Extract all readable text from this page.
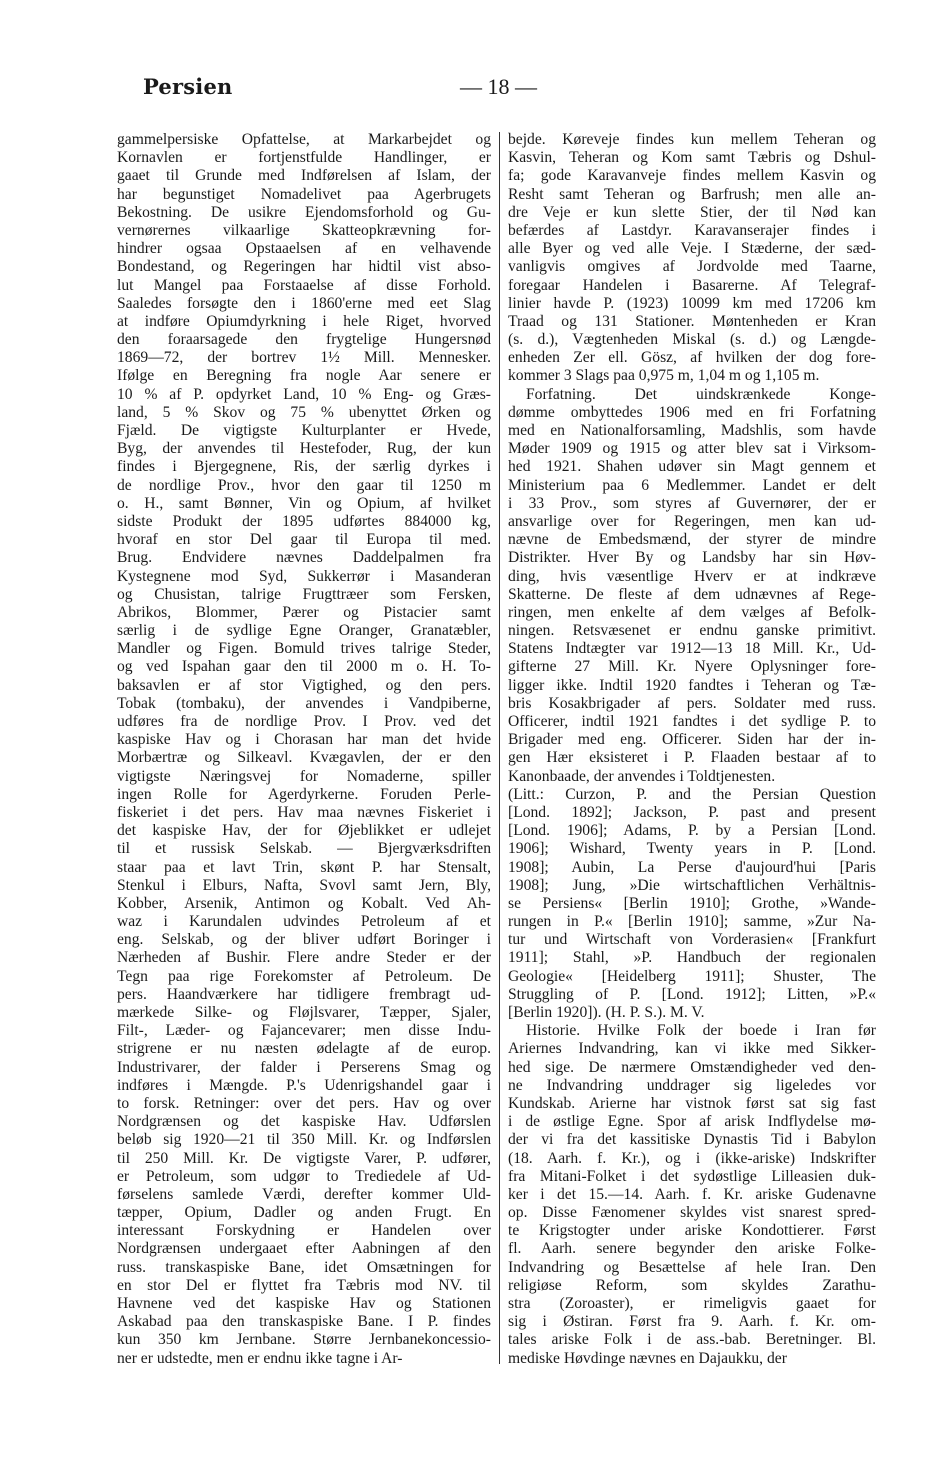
Persien	— 18 —
gammelpersiske Opfattelse, at Markarbejdet og
Kornavlen er fortjenstfulde Handlinger, er
gaaet til Grunde med Indførelsen af Islam, der
har begunstiget Nomadelivet paa Agerbrugets
Bekostning. De usikre Ejendomsforhold og Gu-
vernørernes vilkaarlige Skatteopkrævning for-
hindrer ogsaa Opstaaelsen af en velhavende
Bondestand, og Regeringen har hidtil vist abso-
lut Mangel paa Forstaaelse af disse Forhold.
Saaledes forsøgte den i 1860'erne med eet Slag
at indføre Opiumdyrkning i hele Riget, hvorved
den foraarsagede den frygtelige Hungersnød
1869—72, der bortrev 1½ Mill. Mennesker.
Ifølge en Beregning fra nogle Aar senere er
10 % af P. opdyrket Land, 10 % Eng- og Græs-
land, 5 % Skov og 75 % ubenyttet Ørken og
Fjæld. De vigtigste Kulturplanter er Hvede,
Byg, der anvendes til Hestefoder, Rug, der kun
findes i Bjergegnene, Ris, der særlig dyrkes i
de nordlige Prov., hvor den gaar til 1250 m
o. H., samt Bønner, Vin og Opium, af hvilket
sidste Produkt der 1895 udførtes 884000 kg,
hvoraf en stor Del gaar til Europa til med.
Brug. Endvidere nævnes Daddelpalmen fra
Kystegnene mod Syd, Sukkerrør i Masanderan
og Chusistan, talrige Frugttræer som Fersken,
Abrikos, Blommer, Pærer og Pistacier samt
særlig i de sydlige Egne Oranger, Granatæbler,
Mandler og Figen. Bomuld trives talrige Steder,
og ved Ispahan gaar den til 2000 m o. H. To-
baksavlen er af stor Vigtighed, og den pers.
Tobak (tombaku), der anvendes i Vandpiberne,
udføres fra de nordlige Prov. I Prov. ved det
kaspiske Hav og i Chorasan har man det hvide
Morbærtræ og Silkeavl. Kvægavlen, der er den
vigtigste Næringsvej for Nomaderne, spiller
ingen Rolle for Agerdyrkerne. Foruden Perle-
fiskeriet i det pers. Hav maa nævnes Fiskeriet i
det kaspiske Hav, der for Øjeblikket er udlejet
til et russisk Selskab. — Bjergværksdriften
staar paa et lavt Trin, skønt P. har Stensalt,
Stenkul i Elburs, Nafta, Svovl samt Jern, Bly,
Kobber, Arsenik, Antimon og Kobalt. Ved Ah-
waz i Karundalen udvindes Petroleum af et
eng. Selskab, og der bliver udført Boringer i
Nærheden af Bushir. Flere andre Steder er der
Tegn paa rige Forekomster af Petroleum. De
pers. Haandværkere har tidligere frembragt ud-
mærkede Silke- og Fløjlsvarer, Tæpper, Sjaler,
Filt-, Læder- og Fajancevarer; men disse Indu-
strigrene er nu næsten ødelagte af de europ.
Industrivarer, der falder i Perserens Smag og
indføres i Mængde. P.'s Udenrigshandel gaar i
to forsk. Retninger: over det pers. Hav og over
Nordgrænsen og det kaspiske Hav. Udførslen
beløb sig 1920—21 til 350 Mill. Kr. og Indførslen
til 250 Mill. Kr. De vigtigste Varer, P. udfører,
er Petroleum, som udgør to Trediedele af Ud-
førselens samlede Værdi, derefter kommer Uld-
tæpper, Opium, Dadler og anden Frugt. En
interessant Forskydning er Handelen over
Nordgrænsen undergaaet efter Aabningen af den
russ. transkaspiske Bane, idet Omsætningen for
en stor Del er flyttet fra Tæbris mod NV. til
Havnene ved det kaspiske Hav og Stationen
Askabad paa den transkaspiske Bane. I P. findes
kun 350 km Jernbane. Større Jernbanekoncessio-
ner er udstedte, men er endnu ikke tagne i Ar-
bejde. Køreveje findes kun mellem Teheran og
Kasvin, Teheran og Kom samt Tæbris og Dshul-
fa; gode Karavanveje findes mellem Kasvin og
Resht samt Teheran og Barfrush; men alle an-
dre Veje er kun slette Stier, der til Nød kan
befærdes af Lastdyr. Karavanserajer findes i
alle Byer og ved alle Veje. I Stæderne, der sæd-
vanligvis omgives af Jordvolde med Taarne,
foregaar Handelen i Basarerne. Af Telegraf-
linier havde P. (1923) 10099 km med 17206 km
Traad og 131 Stationer. Møntenheden er Kran
(s. d.), Vægtenheden Miskal (s. d.) og Længde-
enheden Zer ell. Gösz, af hvilken der dog fore-
kommer 3 Slags paa 0,975 m, 1,04 m og 1,105 m.
Forfatning. Det uindskrænkede Konge-
dømme ombyttedes 1906 med en fri Forfatning
med en Nationalforsamling, Madshlis, som havde
Møder 1909 og 1915 og atter blev sat i Virksom-
hed 1921. Shahen udøver sin Magt gennem et
Ministerium paa 6 Medlemmer. Landet er delt
i 33 Prov., som styres af Guvernører, der er
ansvarlige over for Regeringen, men kan ud-
nævne de Embedsmænd, der styrer de mindre
Distrikter. Hver By og Landsby har sin Høv-
ding, hvis væsentlige Hverv er at indkræve
Skatterne. De fleste af dem udnævnes af Rege-
ringen, men enkelte af dem vælges af Befolk-
ningen. Retsvæsenet er endnu ganske primitivt.
Statens Indtægter var 1912—13 18 Mill. Kr., Ud-
gifterne 27 Mill. Kr. Nyere Oplysninger fore-
ligger ikke. Indtil 1920 fandtes i Teheran og Tæ-
bris Kosakbrigader af pers. Soldater med russ.
Officerer, indtil 1921 fandtes i det sydlige P. to
Brigader med eng. Officerer. Siden har der in-
gen Hær eksisteret i P. Flaaden bestaar af to
Kanonbaade, der anvendes i Toldtjenesten.
(Litt.: Curzon, P. and the Persian Question
[Lond. 1892]; Jackson, P. past and present
[Lond. 1906]; Adams, P. by a Persian [Lond.
1906]; Wishard, Twenty years in P. [Lond.
1908]; Aubin, La Perse d'aujourd'hui [Paris
1908]; Jung, »Die wirtschaftlichen Verhältnis-
se Persiens« [Berlin 1910]; Grothe, »Wande-
rungen in P.« [Berlin 1910]; samme, »Zur Na-
tur und Wirtschaft von Vorderasien« [Frankfurt
1911]; Stahl, »P. Handbuch der regionalen
Geologie« [Heidelberg 1911]; Shuster, The
Struggling of P. [Lond. 1912]; Litten, »P.«
[Berlin 1920]). (H. P. S.). M. V.
Historie. Hvilke Folk der boede i Iran før
Ariernes Indvandring, kan vi ikke med Sikker-
hed sige. De nærmere Omstændigheder ved den-
ne Indvandring unddrager sig ligeledes vor
Kundskab. Arierne har vistnok først sat sig fast
i de østlige Egne. Spor af arisk Indflydelse mø-
der vi fra det kassitiske Dynastis Tid i Babylon
(18. Aarh. f. Kr.), og i (ikke-ariske) Indskrifter
fra Mitani-Folket i det sydøstlige Lilleasien duk-
ker i det 15.—14. Aarh. f. Kr. ariske Gudenavne
op. Disse Fænomener skyldes vist snarest spred-
te Krigstogter under ariske Kondottierer. Først
fl. Aarh. senere begynder den ariske Folke-
Indvandring og Besættelse af hele Iran. Den
religiøse Reform, som skyldes Zarathu-
stra (Zoroaster), er rimeligvis gaaet for
sig i Østiran. Først fra 9. Aarh. f. Kr. om-
tales ariske Folk i de ass.-bab. Beretninger. Bl.
mediske Høvdinge nævnes en Dajaukku, der
